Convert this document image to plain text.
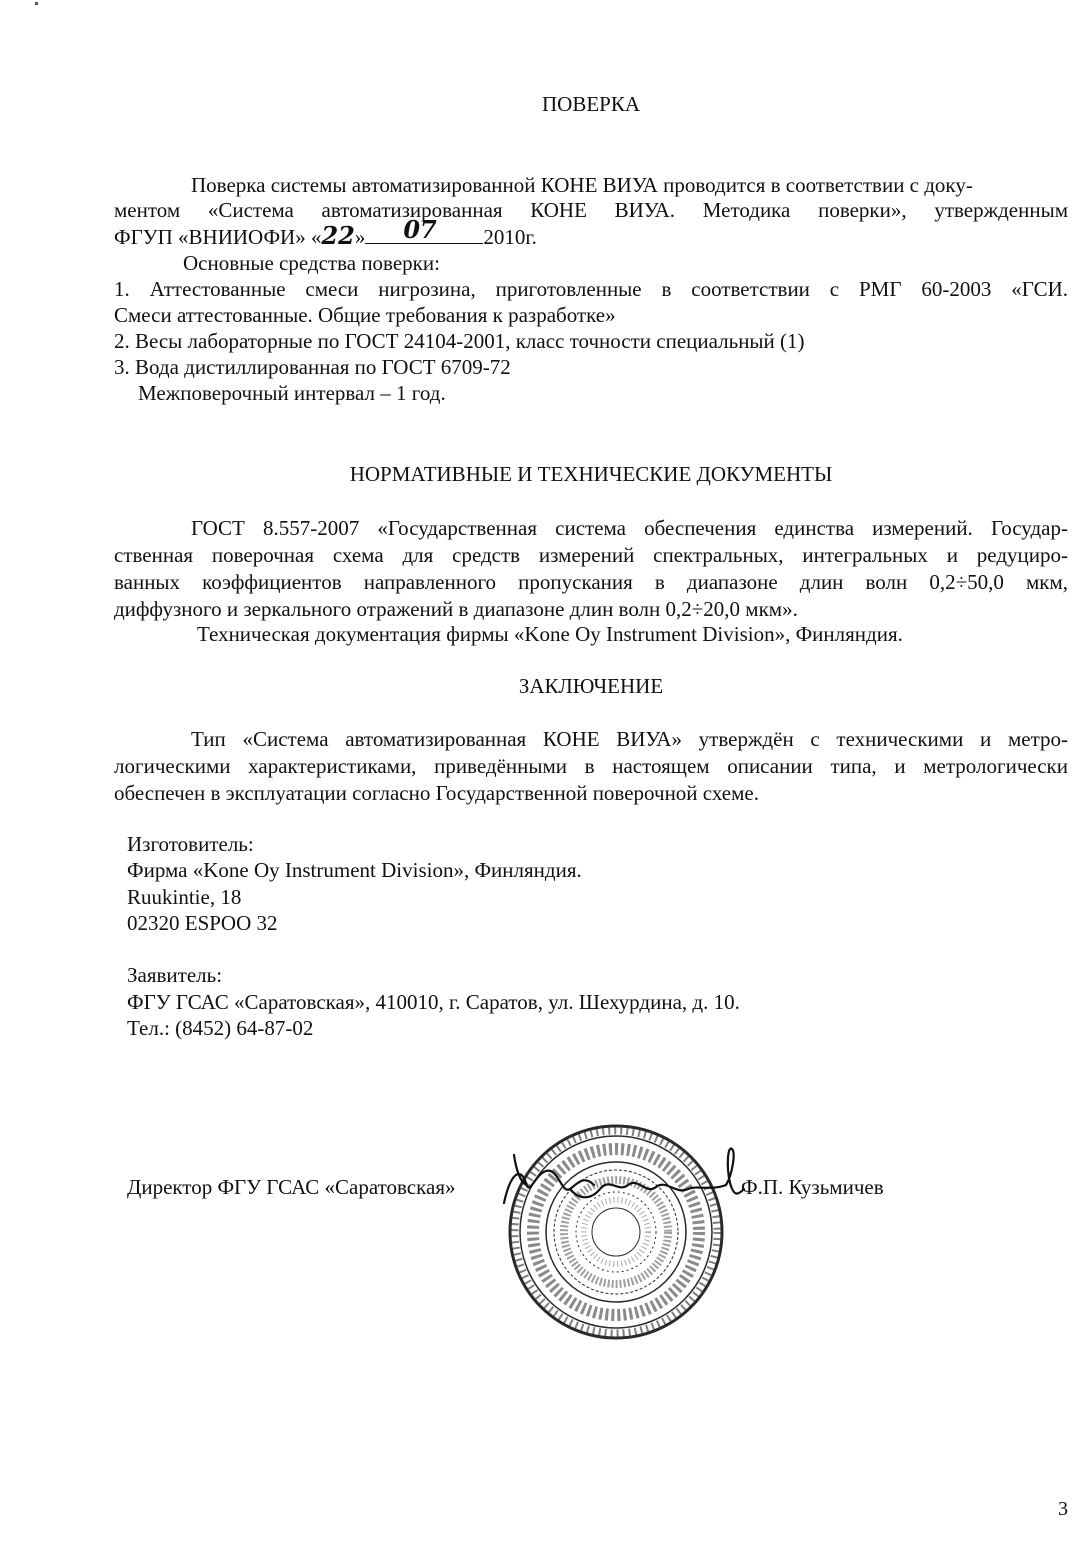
ПОВЕРКА
Поверка системы автоматизированной КОНЕ ВИУА проводится в соответствии с доку-
ментом «Система автоматизированная КОНЕ ВИУА. Методика поверки», утвержденным
ФГУП «ВНИИОФИ» «22» 07 2010г.
Основные средства поверки:
1. Аттестованные смеси нигрозина, приготовленные в соответствии с РМГ 60-2003 «ГСИ.
Смеси аттестованные. Общие требования к разработке»
2. Весы лабораторные по ГОСТ 24104-2001, класс точности специальный (1)
3. Вода дистиллированная по ГОСТ 6709-72
Межповерочный интервал – 1 год.
НОРМАТИВНЫЕ И ТЕХНИЧЕСКИЕ ДОКУМЕНТЫ
ГОСТ 8.557-2007 «Государственная система обеспечения единства измерений. Государ-
ственная поверочная схема для средств измерений спектральных, интегральных и редуциро-
ванных коэффициентов направленного пропускания в диапазоне длин волн 0,2÷50,0 мкм,
диффузного и зеркального отражений в диапазоне длин волн 0,2÷20,0 мкм».
Техническая документация фирмы «Kone Oy Instrument Division», Финляндия.
ЗАКЛЮЧЕНИЕ
Тип «Система автоматизированная КОНЕ ВИУА» утверждён с техническими и метро-
логическими характеристиками, приведёнными в настоящем описании типа, и метрологически
обеспечен в эксплуатации согласно Государственной поверочной схеме.
Изготовитель:
Фирма «Kone Oy Instrument Division», Финляндия.
Ruukintie, 18
02320 ESPOO 32
Заявитель:
ФГУ ГСАС «Саратовская», 410010, г. Саратов, ул. Шехурдина, д. 10.
Тел.: (8452) 64-87-02
Директор ФГУ ГСАС «Саратовская»	Ф.П. Кузьмичев
3
